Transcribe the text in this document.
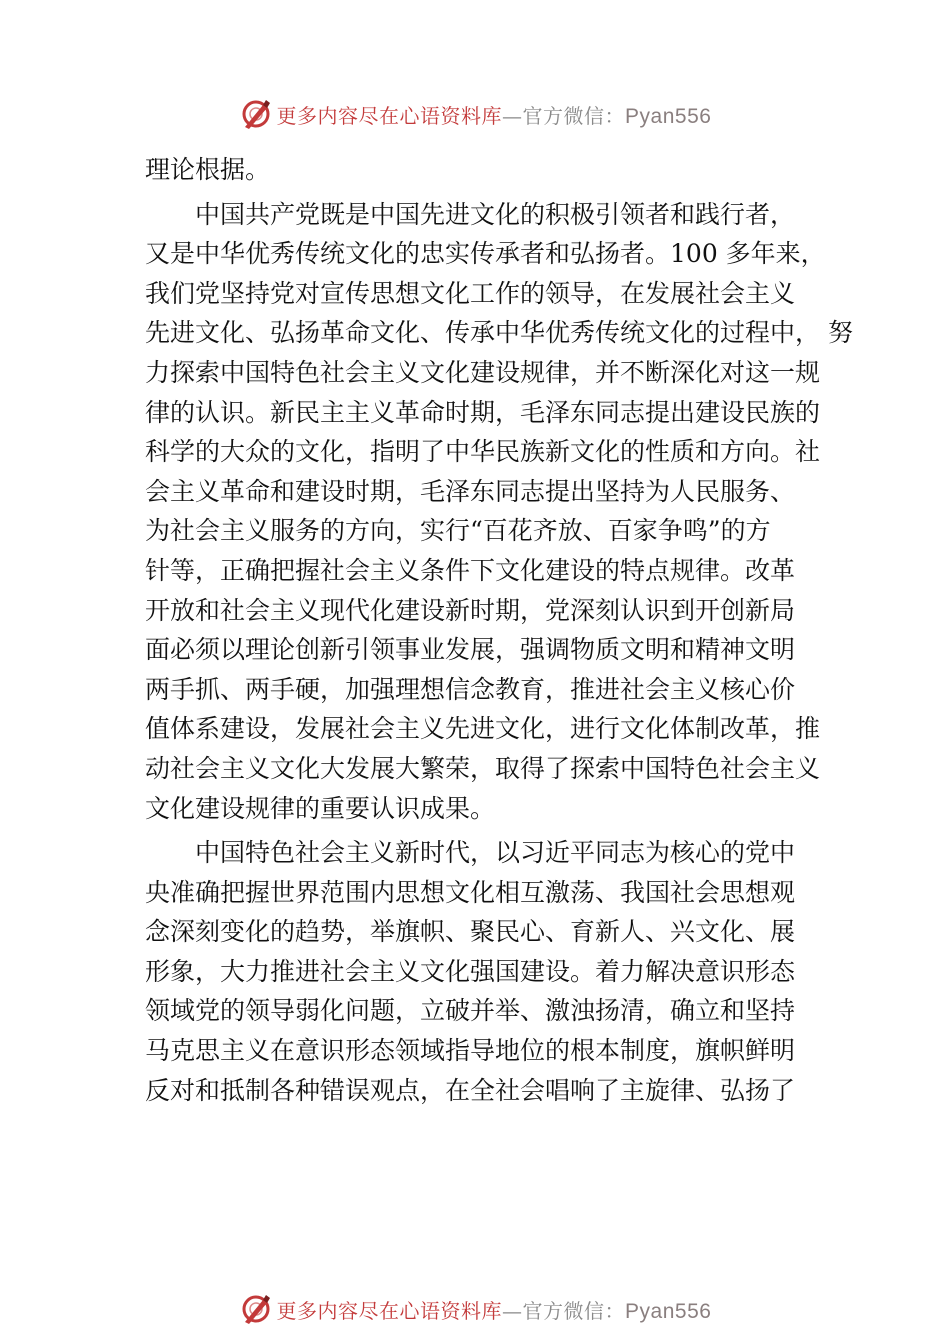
更多内容尽在心语资料库—官方微信：Pyan556
理论根据。
中国共产党既是中国先进文化的积极引领者和践行者，
又是中华优秀传统文化的忠实传承者和弘扬者。100 多年来，
我们党坚持党对宣传思想文化工作的领导，在发展社会主义
先进文化、弘扬革命文化、传承中华优秀传统文化的过程中， 努
力探索中国特色社会主义文化建设规律，并不断深化对这一规
律的认识。新民主主义革命时期，毛泽东同志提出建设民族的
科学的大众的文化，指明了中华民族新文化的性质和方向。社
会主义革命和建设时期，毛泽东同志提出坚持为人民服务、
为社会主义服务的方向，实行“百花齐放、百家争鸣”的方
针等，正确把握社会主义条件下文化建设的特点规律。改革
开放和社会主义现代化建设新时期，党深刻认识到开创新局
面必须以理论创新引领事业发展，强调物质文明和精神文明
两手抓、两手硬，加强理想信念教育，推进社会主义核心价
值体系建设，发展社会主义先进文化，进行文化体制改革，推
动社会主义文化大发展大繁荣，取得了探索中国特色社会主义
文化建设规律的重要认识成果。
中国特色社会主义新时代，以习近平同志为核心的党中
央准确把握世界范围内思想文化相互激荡、我国社会思想观
念深刻变化的趋势，举旗帜、聚民心、育新人、兴文化、展
形象，大力推进社会主义文化强国建设。着力解决意识形态
领域党的领导弱化问题，立破并举、激浊扬清，确立和坚持
马克思主义在意识形态领域指导地位的根本制度，旗帜鲜明
反对和抵制各种错误观点，在全社会唱响了主旋律、弘扬了
更多内容尽在心语资料库—官方微信：Pyan556
